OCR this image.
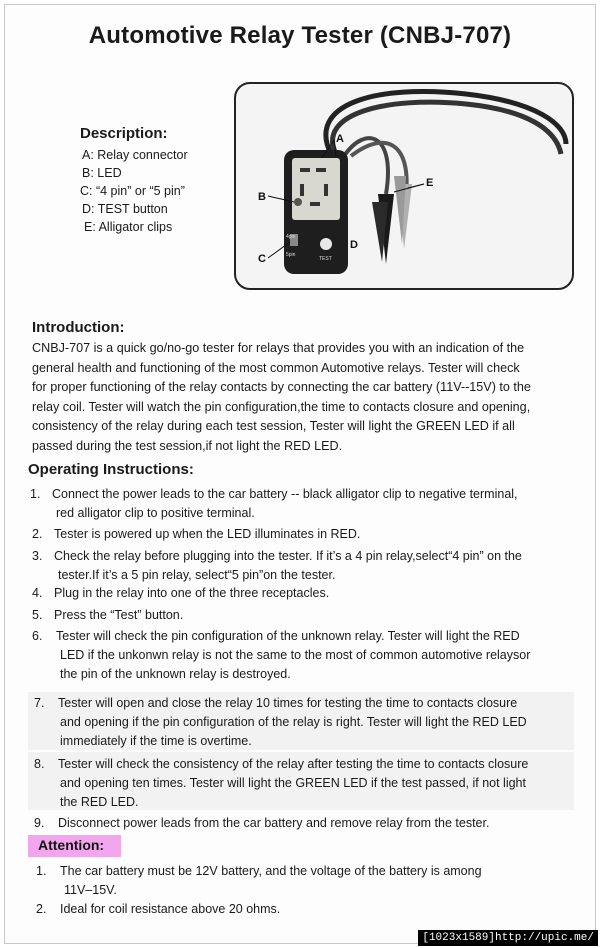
Automotive Relay Tester (CNBJ-707)
Description:
A: Relay connector
B: LED
C: “4 pin” or “5 pin”
D: TEST button
E: Alligator clips
4pin
5pin
TEST
A
B
C
D
E
Introduction:
CNBJ-707 is a quick go/no-go tester for relays that provides you with an indication of the
general health and functioning of the most common Automotive relays. Tester will check
for proper functioning of the relay contacts by connecting the car battery (11V--15V) to the
relay coil. Tester will watch the pin configuration,the time to contacts closure and opening,
consistency of the relay during each test session, Tester will light the GREEN LED if all
passed during the test session,if not light the RED LED.
Operating Instructions:
1. Connect the power leads to the car battery -- black alligator clip to negative terminal,
red alligator clip to positive terminal.
2. Tester is powered up when the LED illuminates in RED.
3. Check the relay before plugging into the tester. If it’s a 4 pin relay,select“4 pin” on the
tester.If it’s a 5 pin relay, select“5 pin”on the tester.
4. Plug in the relay into one of the three receptacles.
5. Press the “Test” button.
6. Tester will check the pin configuration of the unknown relay. Tester will light the RED
LED if the unkonwn relay is not the same to the most of common automotive relaysor
the pin of the unknown relay is destroyed.
7. Tester will open and close the relay 10 times for testing the time to contacts closure
and opening if the pin configuration of the relay is right. Tester will light the RED LED
immediately if the time is overtime.
8. Tester will check the consistency of the relay after testing the time to contacts closure
and opening ten times. Tester will light the GREEN LED if the test passed, if not light
the RED LED.
9. Disconnect power leads from the car battery and remove relay from the tester.
Attention:
1. The car battery must be 12V battery, and the voltage of the battery is among
11V–15V.
2. Ideal for coil resistance above 20 ohms.
[1023x1589]http://upic.me/
